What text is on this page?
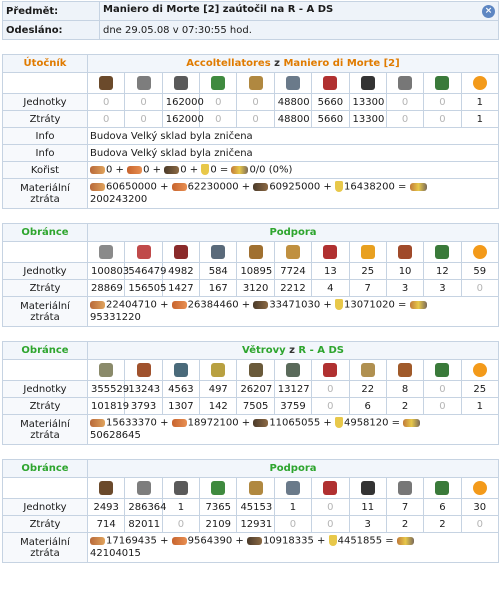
Předmět:	Maniero di Morte [2] zaútočil na R - A DS ×

Odesláno:	dne 29.05.08 v 07:30:55 hod.
Útočník	Accoltellatores z Maniero di Morte [2]										

Jednotky	0	0	162000	0	0	48800	5660	13300	0	0	1
Ztráty	0	0	162000	0	0	48800	5660	13300	0	0	1
Info	Budova Velký sklad byla zničena										
Info	Budova Velký sklad byla zničena										
Kořist	0 + 0 + 0 + 0 = 0/0 (0%)										
Materiální
ztráta	60650000 + 62230000 + 60925000 + 16438200 =
200243200										
Obránce	Podpora										

Jednotky	100803	546479	4982	584	10895	7724	13	25	10	12	59
Ztráty	28869	156505	1427	167	3120	2212	4	7	3	3	0
Materiální
ztráta	22404710 + 26384460 + 33471030 + 13071020 =
95331220										
Obránce	Větrovy z R - A DS										

Jednotky	355529	13243	4563	497	26207	13127	0	22	8	0	25
Ztráty	101819	3793	1307	142	7505	3759	0	6	2	0	1
Materiální
ztráta	15633370 + 18972100 + 11065055 + 4958120 =
50628645										
Obránce	Podpora										

Jednotky	2493	286364	1	7365	45153	1	0	11	7	6	30
Ztráty	714	82011	0	2109	12931	0	0	3	2	2	0
Materiální
ztráta	17169435 + 9564390 + 10918335 + 4451855 =
42104015										
